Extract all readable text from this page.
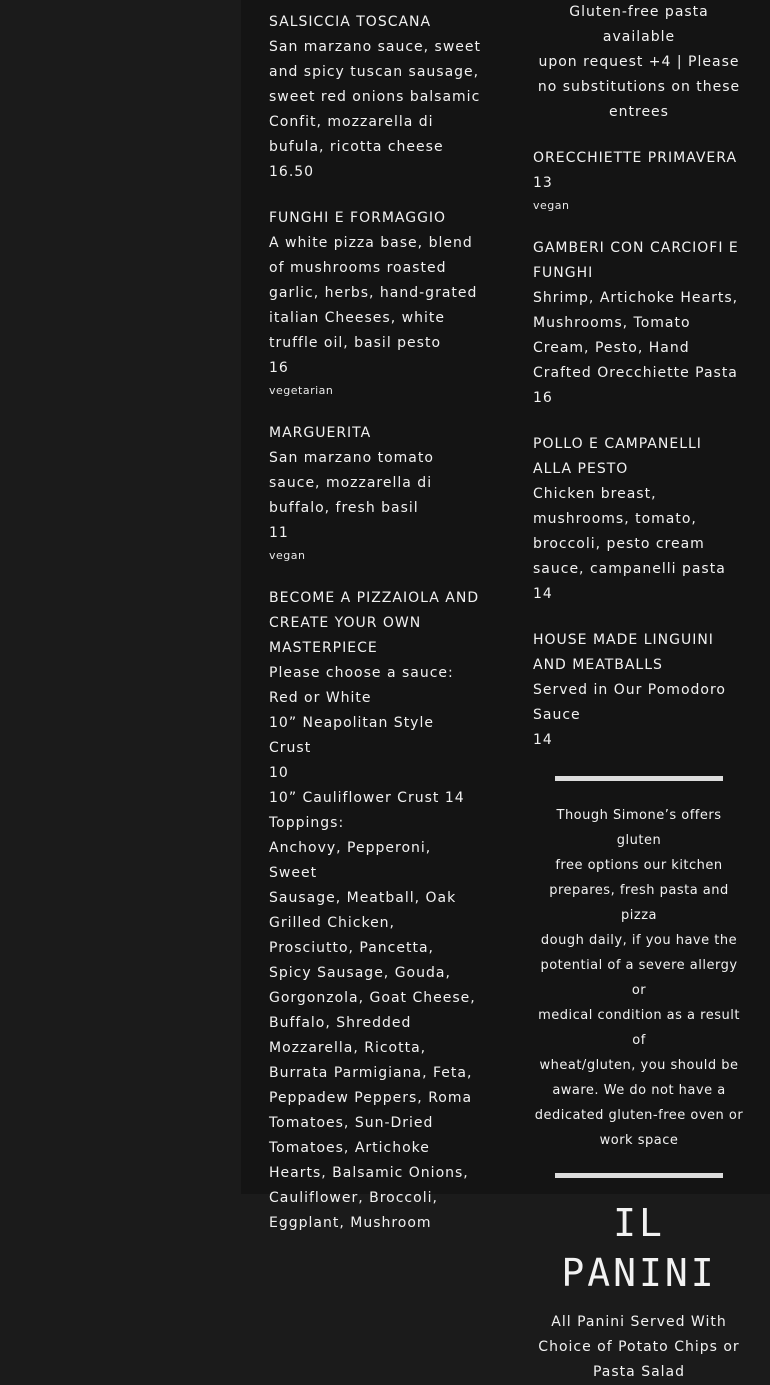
SALSICCIA TOSCANA

San marzano sauce, sweet

and spicy tuscan sausage,

sweet red onions balsamic

Confit, mozzarella di

bufula, ricotta cheese

16.50

FUNGHI E FORMAGGIO

A white pizza base, blend

of mushrooms roasted

garlic, herbs, hand-grated

italian Cheeses, white

truffle oil, basil pesto

16

vegetarian

MARGUERITA

San marzano tomato

sauce, mozzarella di

buffalo, fresh basil

11

vegan

BECOME A PIZZAIOLA AND

CREATE YOUR OWN

MASTERPIECE

Please choose a sauce:

Red or White

10” Neapolitan Style Crust

10

10” Cauliflower Crust 14

Toppings:

Anchovy, Pepperoni, Sweet

Sausage, Meatball, Oak

Grilled Chicken,

Prosciutto, Pancetta,

Spicy Sausage, Gouda,

Gorgonzola, Goat Cheese,

Buffalo, Shredded

Mozzarella, Ricotta,

Burrata Parmigiana, Feta,

Peppadew Peppers, Roma

Tomatoes, Sun-Dried

Tomatoes, Artichoke

Hearts, Balsamic Onions,

Cauliflower, Broccoli,

Eggplant, Mushroom

Gluten-free pasta available

upon request +4 | Please

no substitutions on these

entrees

ORECCHIETTE PRIMAVERA

13

vegan

GAMBERI CON CARCIOFI E

FUNGHI

Shrimp, Artichoke Hearts,

Mushrooms, Tomato

Cream, Pesto, Hand

Crafted Orecchiette Pasta

16

POLLO E CAMPANELLI

ALLA PESTO

Chicken breast,

mushrooms, tomato,

broccoli, pesto cream

sauce, campanelli pasta

14

HOUSE MADE LINGUINI

AND MEATBALLS

Served in Our Pomodoro

Sauce

14

Though Simone’s offers gluten

free options our kitchen

prepares, fresh pasta and pizza

dough daily, if you have the

potential of a severe allergy or

medical condition as a result of

wheat/gluten, you should be

aware. We do not have a

dedicated gluten-free oven or

work space

IL PANINI

All Panini Served With

Choice of Potato Chips or

Pasta Salad
